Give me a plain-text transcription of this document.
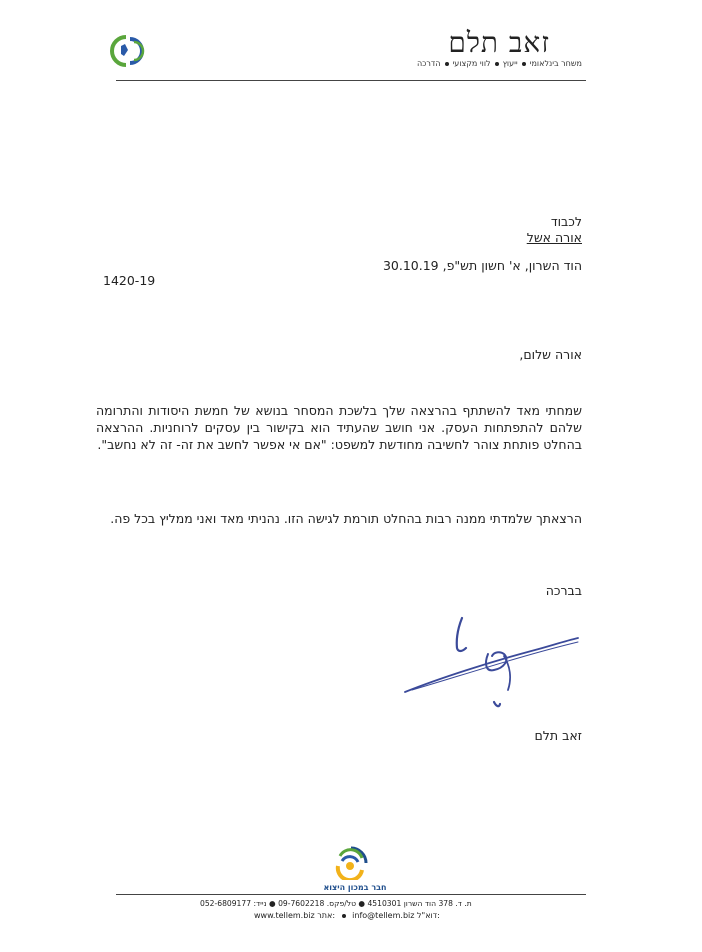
זאב תלם
משחר בינלאומיייעוץלווי מקצועיהדרכה
לכבוד
אורה אשל
הוד השרון, א' חשון תש"פ, 30.10.19
1420-19
אורה שלום,
שמחתי מאד להשתתף בהרצאה שלך בלשכת המסחר בנושא של חמשת היסודות והתרומה שלהם להתפתחות העסק. אני חושב שהעתיד הוא בקישור בין עסקים לרוחניות. ההרצאה בהחלט פותחת צוהר לחשיבה מחודשת למשפט: "אם אי אפשר לחשב את זה- זה לא נחשב".
הרצאתך שלמדתי ממנה רבות בהחלט תורמת לגישה הזו. נהניתי מאד ואני ממליץ בכל פה.
בברכה
זאב תלם
חבר במכון היצוא
ת. ד. 378 הוד השרון 4510301 ● טל/פקס. 09-7602218 ● נייד: 052-6809177
www.tellem.biz אתר: info@tellem.biz דוא"ל:
